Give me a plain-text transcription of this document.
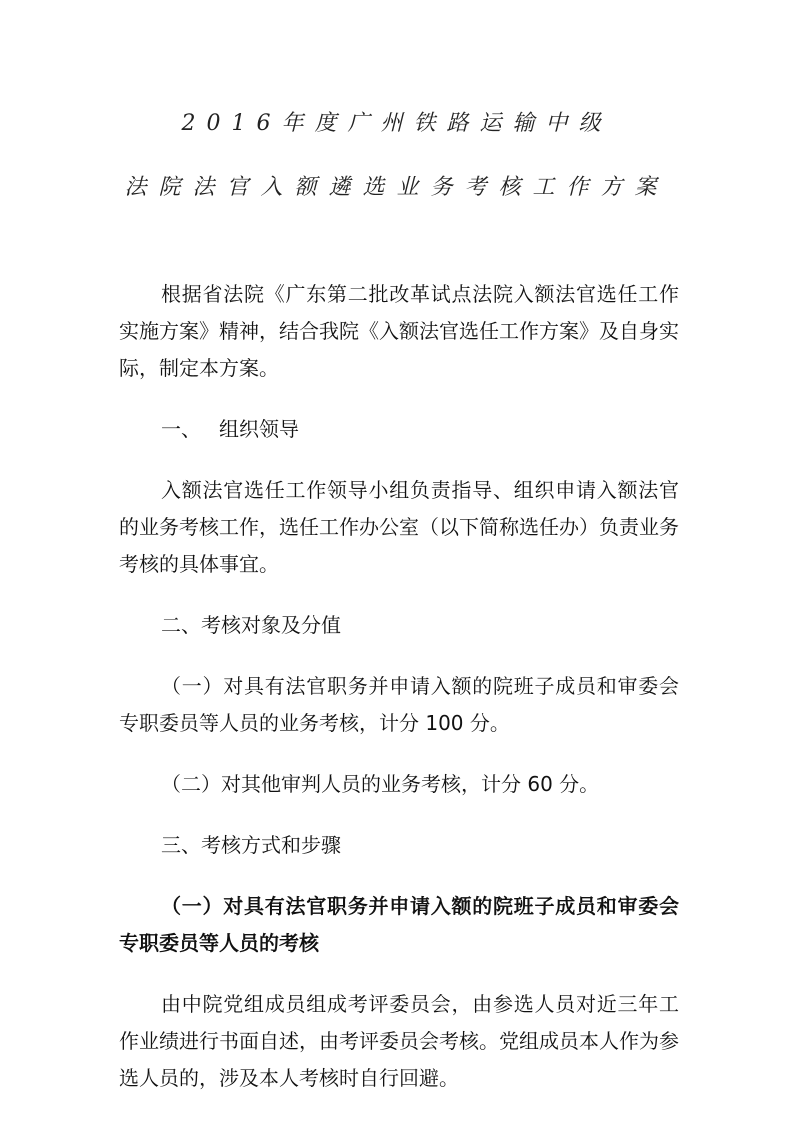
2016年度广州铁路运输中级
法院法官入额遴选业务考核工作方案

根据省法院《广东第二批改革试点法院入额法官选任工作实施方案》精神，结合我院《入额法官选任工作方案》及自身实际，制定本方案。

一、 组织领导

入额法官选任工作领导小组负责指导、组织申请入额法官的业务考核工作，选任工作办公室（以下简称选任办）负责业务考核的具体事宜。

二、考核对象及分值

（一）对具有法官职务并申请入额的院班子成员和审委会专职委员等人员的业务考核，计分 100 分。

（二）对其他审判人员的业务考核，计分 60 分。

三、考核方式和步骤

（一）对具有法官职务并申请入额的院班子成员和审委会专职委员等人员的考核

由中院党组成员组成考评委员会，由参选人员对近三年工作业绩进行书面自述，由考评委员会考核。党组成员本人作为参选人员的，涉及本人考核时自行回避。
